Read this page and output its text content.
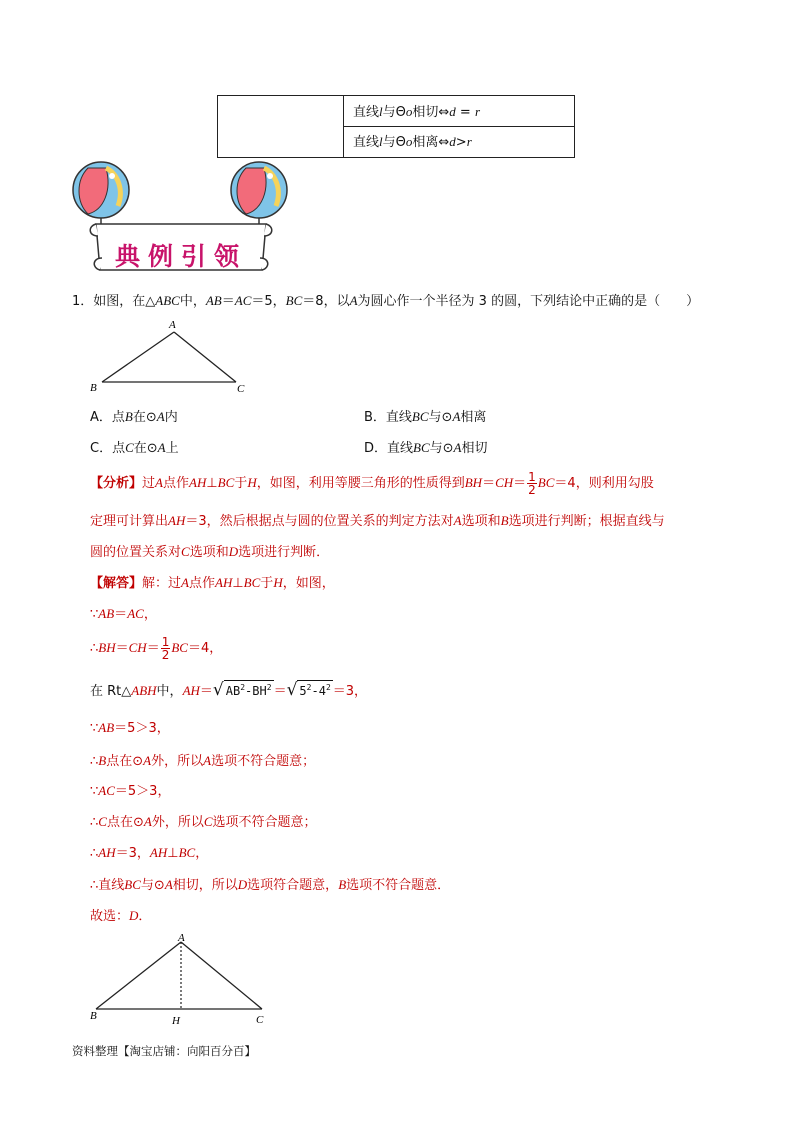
直线l与Θo相切⇔d = r
直线l与Θo相离⇔d>r
典例引领
1．如图，在△ABC中，AB＝AC＝5，BC＝8，以A为圆心作一个半径为 3 的圆，下列结论中正确的是（　　）
A
B	C
A．点B在⊙A内	B．直线BC与⊙A相离
C．点C在⊙A上	D．直线BC与⊙A相切
【分析】过A点作AH⊥BC于H，如图，利用等腰三角形的性质得到$BH=CH= \frac{1}{2} BC=4$，则利用勾股
定理可计算出AH＝3，然后根据点与圆的位置关系的判定方法对A选项和B选项进行判断；根据直线与
圆的位置关系对C选项和D选项进行判断．
【解答】解：过A点作AH⊥BC于H，如图，
∵AB＝AC，
∴BH＝CH＝ $\frac{1}{2} BC=4$，
在 Rt△ABH中，AH＝√ $AB^2-BH^2$ ＝√ $5^2-4^2 =3$，
∵AB＝5＞3，
∴B点在⊙A外，所以A选项不符合题意；
∵AC＝5＞3，
∴C点在⊙A外，所以C选项不符合题意；
∴AH＝3，AH⊥BC，
∴直线BC与⊙A相切，所以D选项符合题意，B选项不符合题意．
故选：D．
A
B	H	C
资料整理【淘宝店铺：向阳百分百】
